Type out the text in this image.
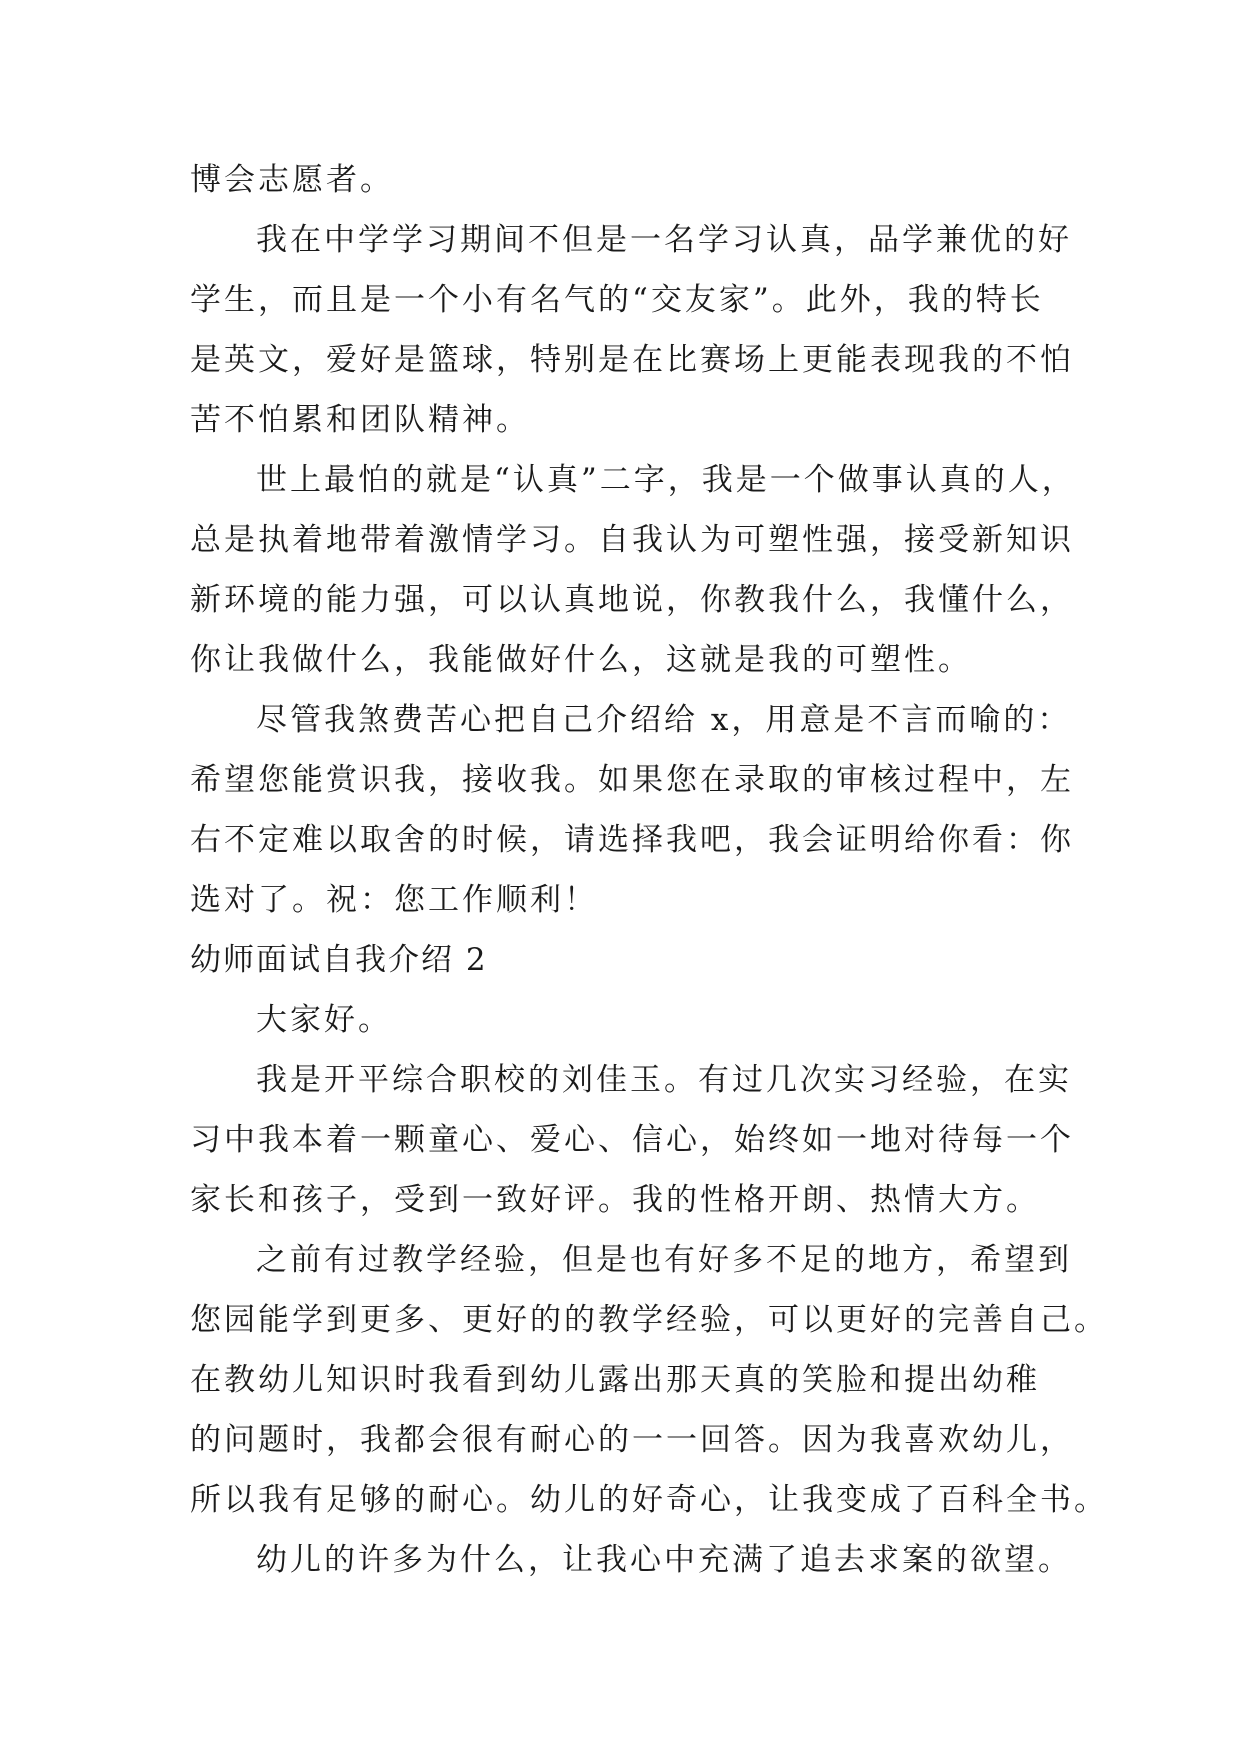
博会志愿者。
我在中学学习期间不但是一名学习认真，品学兼优的好
学生，而且是一个小有名气的“交友家”。此外，我的特长
是英文，爱好是篮球，特别是在比赛场上更能表现我的不怕
苦不怕累和团队精神。
世上最怕的就是“认真”二字，我是一个做事认真的人，
总是执着地带着激情学习。自我认为可塑性强，接受新知识
新环境的能力强，可以认真地说，你教我什么，我懂什么，
你让我做什么，我能做好什么，这就是我的可塑性。
尽管我煞费苦心把自己介绍给 x，用意是不言而喻的：
希望您能赏识我，接收我。如果您在录取的审核过程中，左
右不定难以取舍的时候，请选择我吧，我会证明给你看：你
选对了。祝：您工作顺利！
幼师面试自我介绍 2
大家好。
我是开平综合职校的刘佳玉。有过几次实习经验，在实
习中我本着一颗童心、爱心、信心，始终如一地对待每一个
家长和孩子，受到一致好评。我的性格开朗、热情大方。
之前有过教学经验，但是也有好多不足的地方，希望到
您园能学到更多、更好的的教学经验，可以更好的完善自己。
在教幼儿知识时我看到幼儿露出那天真的笑脸和提出幼稚
的问题时，我都会很有耐心的一一回答。因为我喜欢幼儿，
所以我有足够的耐心。幼儿的好奇心，让我变成了百科全书。
幼儿的许多为什么，让我心中充满了追去求案的欲望。
